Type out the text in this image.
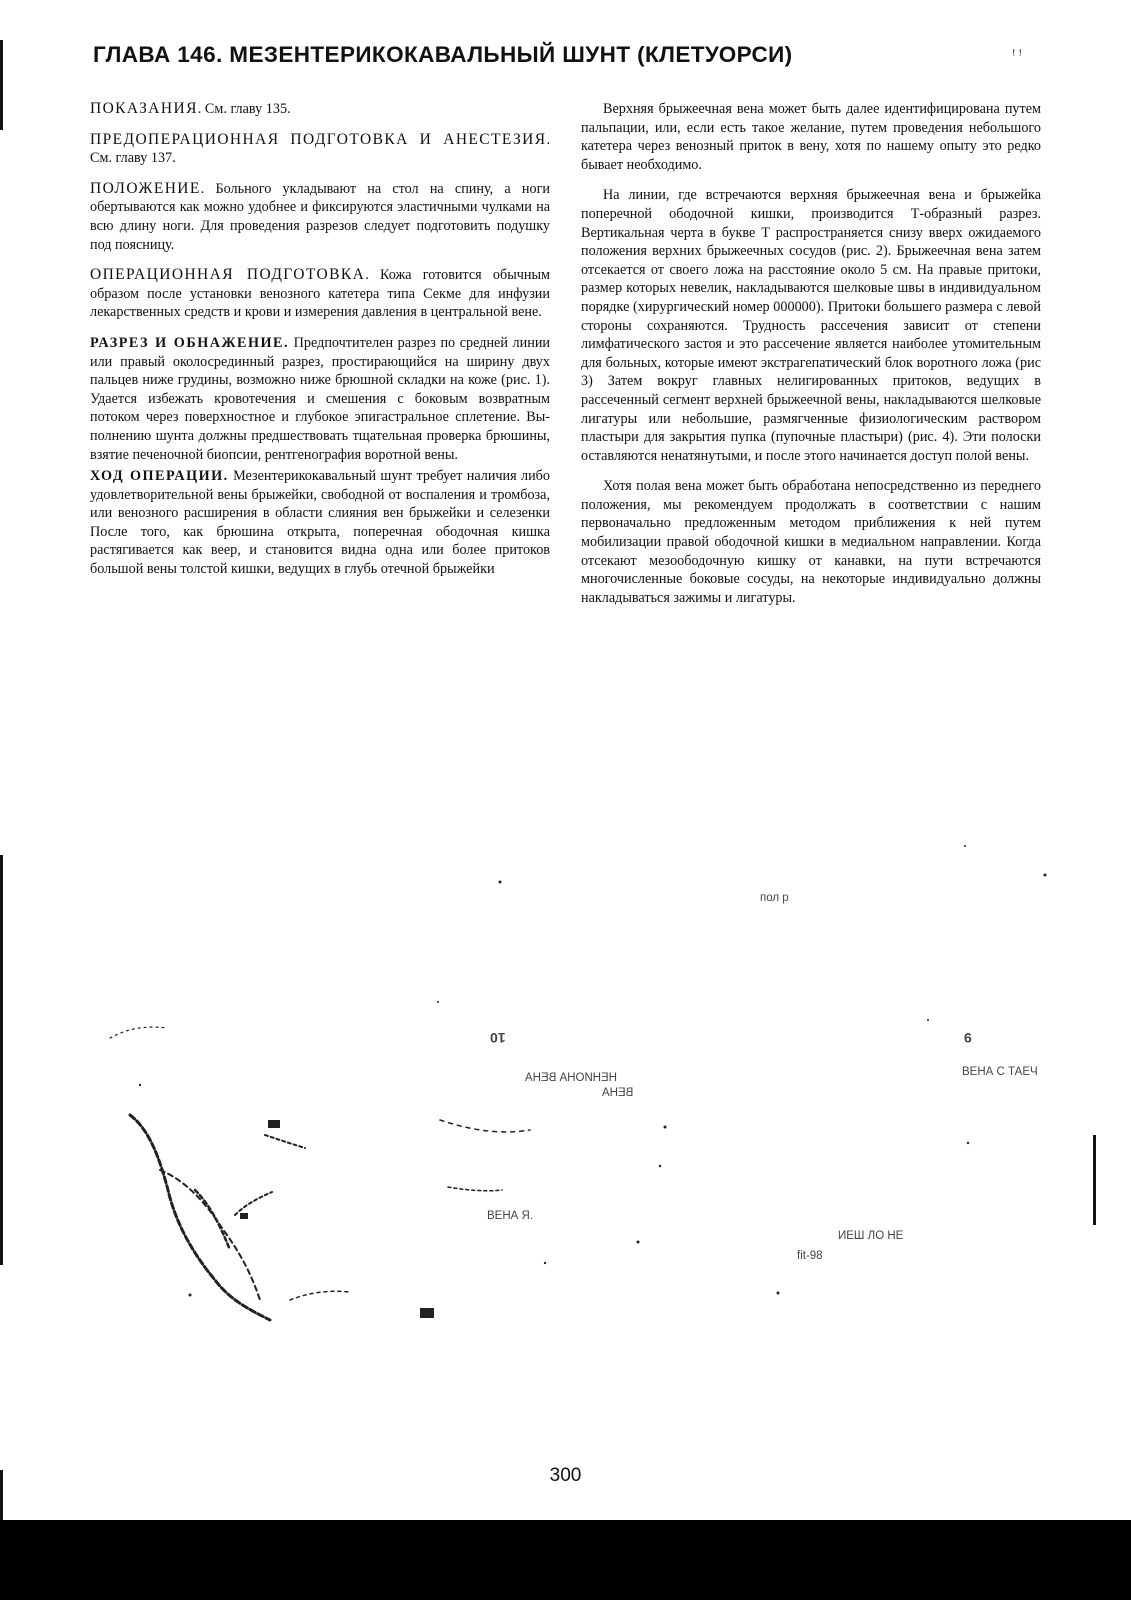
ГЛАВА 146. МЕЗЕНТЕРИКОКАВАЛЬНЫЙ ШУНТ (КЛЕТУОРСИ)	ꜝ ꜝ

ПОКАЗАНИЯ. См. главу 135.

ПРЕДОПЕРАЦИОННАЯ ПОДГОТОВКА И АНЕСТЕЗИЯ. См. главу 137.

ПОЛОЖЕНИЕ. Больного укладывают на стол на спину, а ноги обертываются как можно удобнее и фиксируются эластичными чулками на всю длину ноги. Для проведения разрезов следует подготовить подушку под поясницу.

ОПЕРАЦИОННАЯ ПОДГОТОВКА. Кожа готовится обычным образом после установки венозного катетера типа Секме для инфузии лекарственных средств и крови и измерения давления в центральной вене.

РАЗРЕЗ И ОБНАЖЕНИЕ. Предпочтителен разрез по средней линии или правый околосрединный разрез, простирающийся на ширину двух пальцев ниже грудины, возможно ниже брюшной складки на коже (рис. 1). Удается избежать кровотечения и смешения с боковым возвратным потоком через поверхностное и глубокое эпигастральное сплетение. Выполнению шунта должны предшествовать тщательная проверка брюшины, взятие печеночной биопсии, рентгенография воротной вены.

ХОД ОПЕРАЦИИ. Мезентерикокавальный шунт требует наличия либо удовлетворительной вены брыжейки, свободной от воспаления и тромбоза, или венозного расширения в области слияния вен брыжейки и селезенки После того, как брюшина открыта, поперечная ободочная кишка растягивается как веер, и становится видна одна или более притоков большой вены толстой кишки, ведущих в глубь отечной брыжейки

Верхняя брыжеечная вена может быть далее идентифицирована путем пальпации, или, если есть такое желание, путем проведения небольшого катетера через венозный приток в вену, хотя по нашему опыту это редко бывает необходимо.

На линии, где встречаются верхняя брыжеечная вена и брыжейка поперечной ободочной кишки, производится Т-образный разрез. Вертикальная черта в букве Т распространяется снизу вверх ожидаемого положения верхних брыжеечных сосудов (рис. 2). Брыжеечная вена затем отсекается от своего ложа на расстояние около 5 см. На правые притоки, размер которых невелик, накладываются шелковые швы в индивидуальном порядке (хирургический номер 000000). Притоки большего размера с левой стороны сохраняются. Трудность рассечения зависит от степени лимфатического застоя и это рассечение является наиболее утомительным для больных, которые имеют экстрагепатический блок воротного ложа (рис 3) Затем вокруг главных нелигированных притоков, ведущих в рассеченный сегмент верхней брыжеечной вены, накладываются шелковые лигатуры или небольшие, размягченные физиологическим раствором пластыри для закрытия пупка (пупочные пластыри) (рис. 4). Эти полоски оставляются ненатянутыми, и после этого начинается доступ полой вены.

Хотя полая вена может быть обработана непосредственно из переднего положения, мы рекомендуем продолжать в соответствии с нашим первоначально предложенным методом приближения к ней путем мобилизации правой ободочной кишки в медиальном направлении. Когда отсекают мезоободочную кишку от канавки, на пути встречаются многочисленные боковые сосуды, на некоторые индивидуально должны накладываться зажимы и лигатуры.

пол р
10	9
НЕНИОНА ВЕНА
ВЕНА
ВЕНА С ТАЕЧ
ВЕНА Я.
ИЕШ ЛО НЕ
fit-98
300
